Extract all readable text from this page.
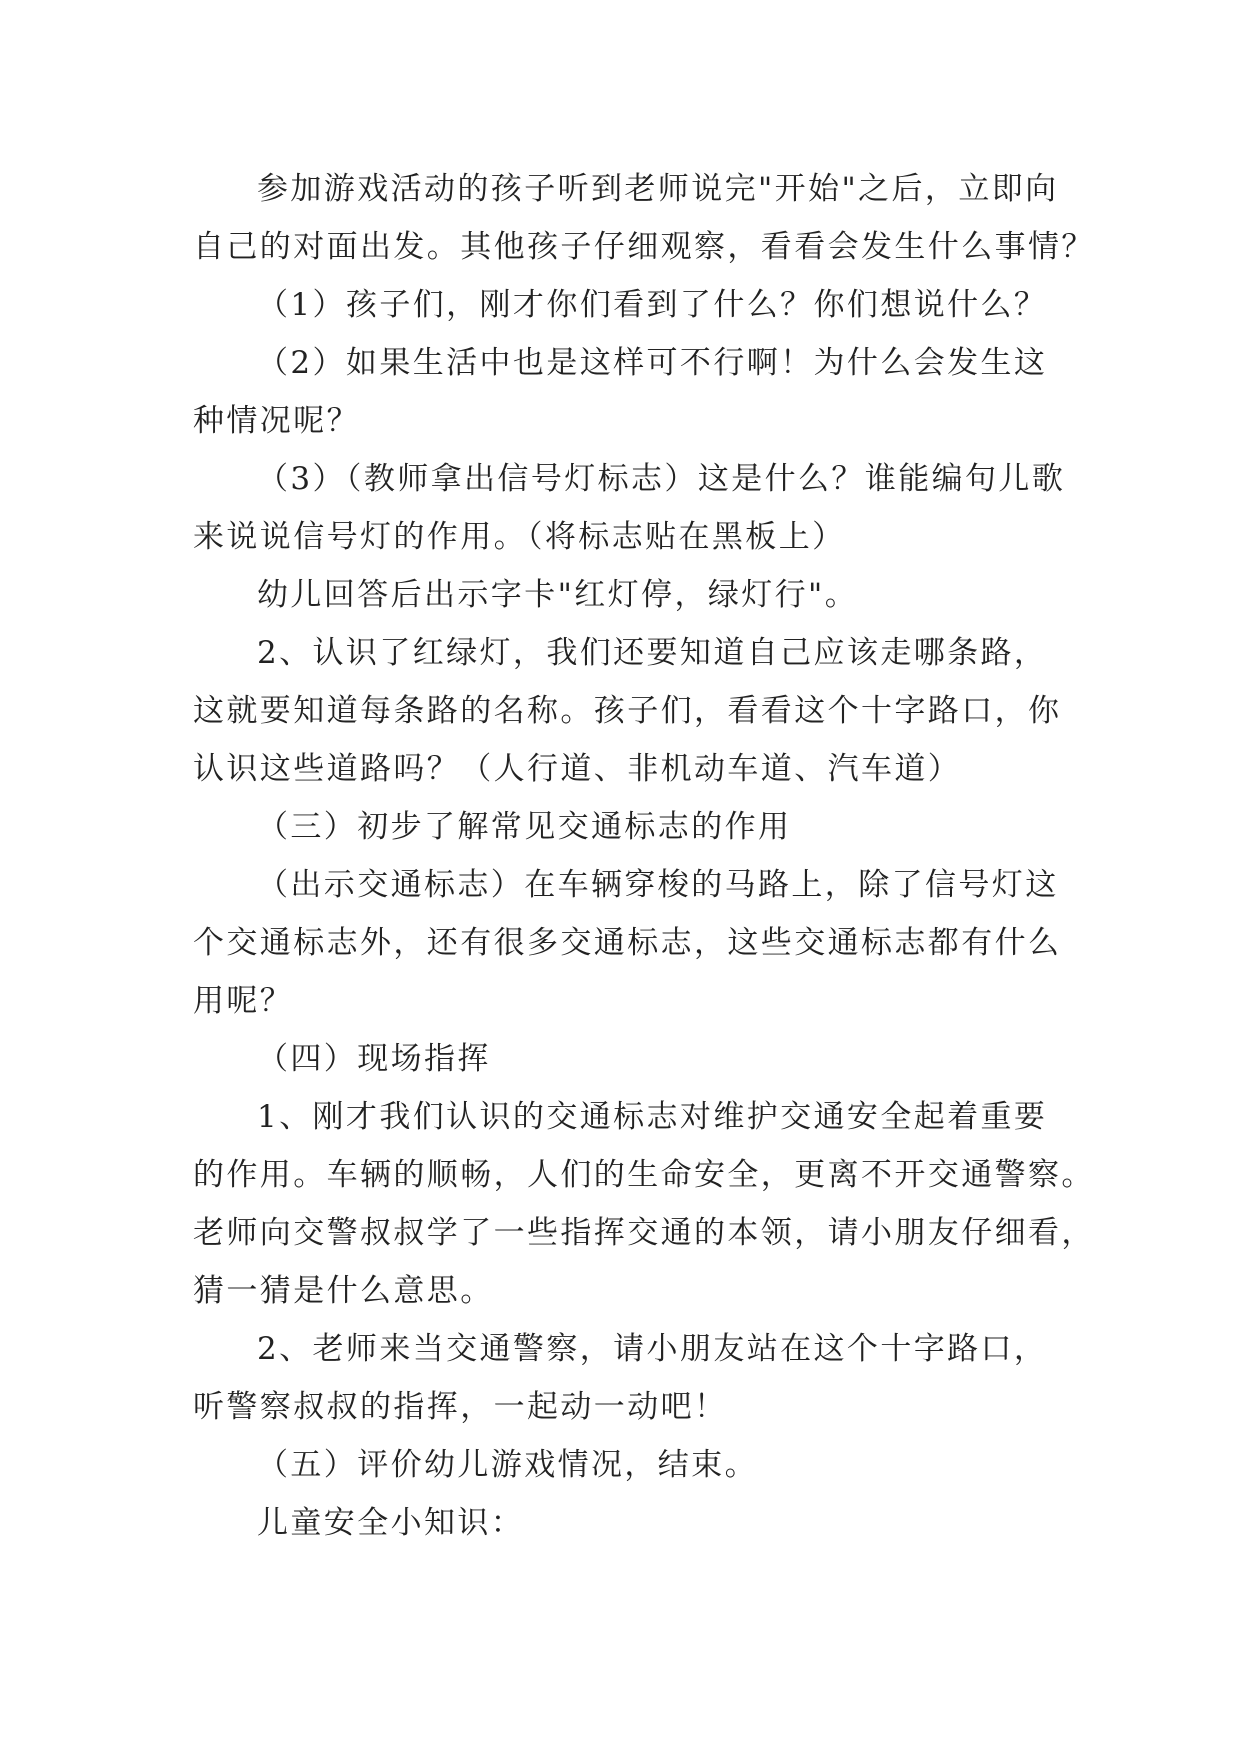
参加游戏活动的孩子听到老师说完"开始"之后，立即向
自己的对面出发。其他孩子仔细观察，看看会发生什么事情？
（1）孩子们，刚才你们看到了什么？你们想说什么？
（2）如果生活中也是这样可不行啊！为什么会发生这
种情况呢？
（3）（教师拿出信号灯标志）这是什么？谁能编句儿歌
来说说信号灯的作用。（将标志贴在黑板上）
幼儿回答后出示字卡"红灯停，绿灯行"。
2、认识了红绿灯，我们还要知道自己应该走哪条路，
这就要知道每条路的名称。孩子们，看看这个十字路口，你
认识这些道路吗？（人行道、非机动车道、汽车道）
（三）初步了解常见交通标志的作用
（出示交通标志）在车辆穿梭的马路上，除了信号灯这
个交通标志外，还有很多交通标志，这些交通标志都有什么
用呢？
（四）现场指挥
1、刚才我们认识的交通标志对维护交通安全起着重要
的作用。车辆的顺畅，人们的生命安全，更离不开交通警察。
老师向交警叔叔学了一些指挥交通的本领，请小朋友仔细看，
猜一猜是什么意思。
2、老师来当交通警察，请小朋友站在这个十字路口，
听警察叔叔的指挥，一起动一动吧！
（五）评价幼儿游戏情况，结束。
儿童安全小知识：
